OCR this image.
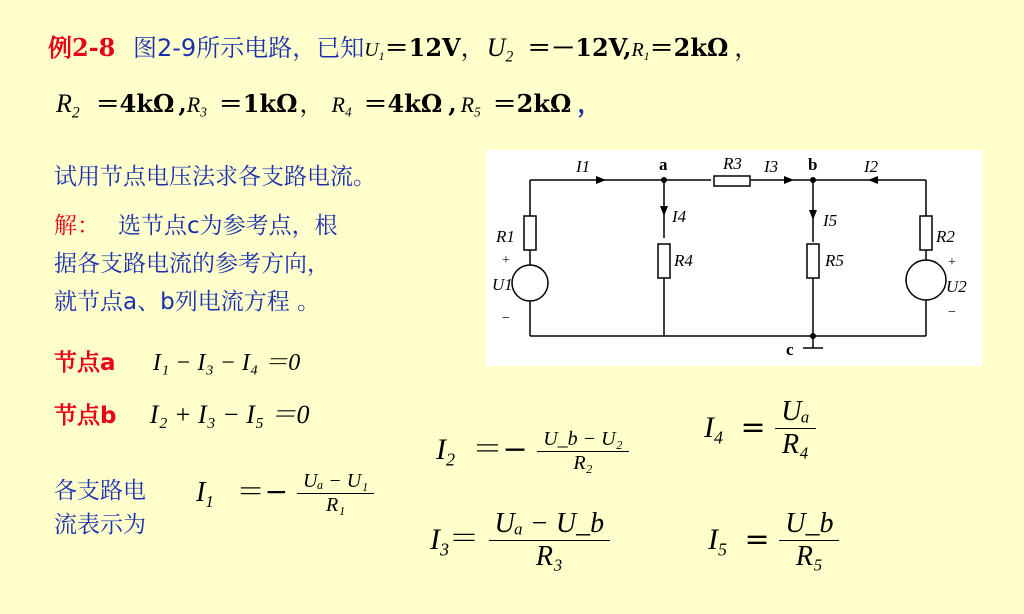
例2-8 图2-9所示电路，已知$U_1=12V$，$U_2 =-12V,R_1=2k\Omega$ ，
$R_2 =4k\Omega$ $,R_3 =1k\Omega$， $R_4 =4k\Omega$ , $R_5 =2k\Omega$ ，
试用节点电压法求各支路电流。
解： 选节点c为参考点，根
据各支路电流的参考方向，
就节点a、b列电流方程 。
I1	I3	I2
R3
I4	I5
R4	R5
R1
U1
R2
U2
a	b
c
+
−
+
−
节点a I₁ − I₃ − I₄ ＝0
节点b I₂ + I₃ − I₅ ＝0
各支路电
流表示为
$I_1 =- \frac{\text{Uₐ − U₁}}{\text{R₁}}$
$I_2 =- \frac{\text{U\_b − U₂}}{\text{R₂}}$
$I_3= \frac{\text{Uₐ − U\_b}}{\text{R₃}}$
$I_4 = \frac{\text{Uₐ}}{\text{R₄}}$
$I_5 = \frac{U\_b}{\text{R₅}}$
